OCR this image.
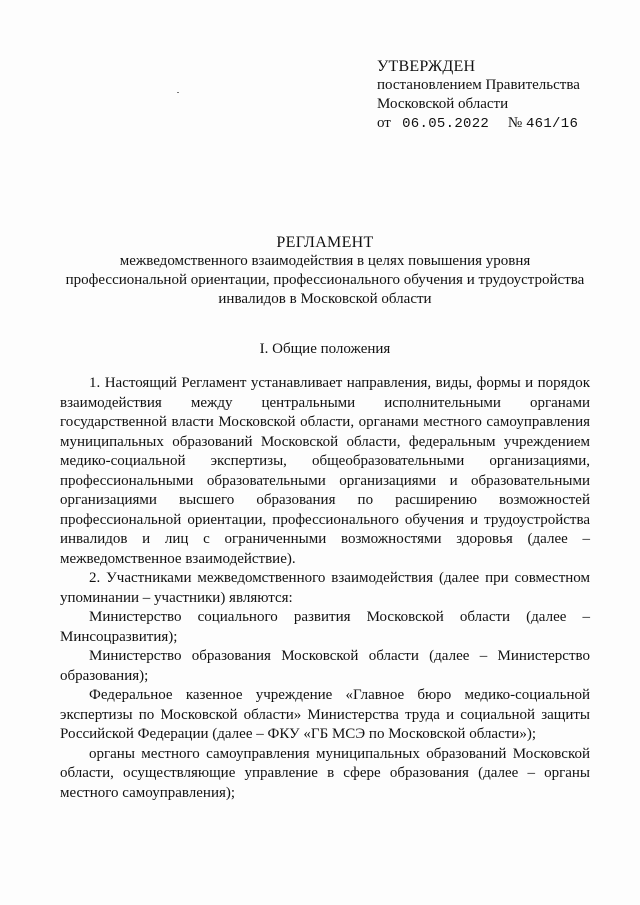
УТВЕРЖДЕН
постановлением Правительства
Московской области
от 06.05.2022 № 461/16
РЕГЛАМЕНТ
межведомственного взаимодействия в целях повышения уровня
профессиональной ориентации, профессионального обучения и трудоустройства
инвалидов в Московской области
I. Общие положения

1. Настоящий Регламент устанавливает направления, виды, формы и порядок взаимодействия между центральными исполнительными органами государственной власти Московской области, органами местного самоуправления муниципальных образований Московской области, федеральным учреждением медико-социальной экспертизы, общеобразовательными организациями, профессиональными образовательными организациями и образовательными организациями высшего образования по расширению возможностей профессиональной ориентации, профессионального обучения и трудоустройства инвалидов и лиц с ограниченными возможностями здоровья (далее – межведомственное взаимодействие).

2. Участниками межведомственного взаимодействия (далее при совместном упоминании – участники) являются:

Министерство социального развития Московской области (далее – Минсоцразвития);

Министерство образования Московской области (далее – Министерство образования);

Федеральное казенное учреждение «Главное бюро медико-социальной экспертизы по Московской области» Министерства труда и социальной защиты Российской Федерации (далее – ФКУ «ГБ МСЭ по Московской области»);

органы местного самоуправления муниципальных образований Московской области, осуществляющие управление в сфере образования (далее – органы местного самоуправления);
